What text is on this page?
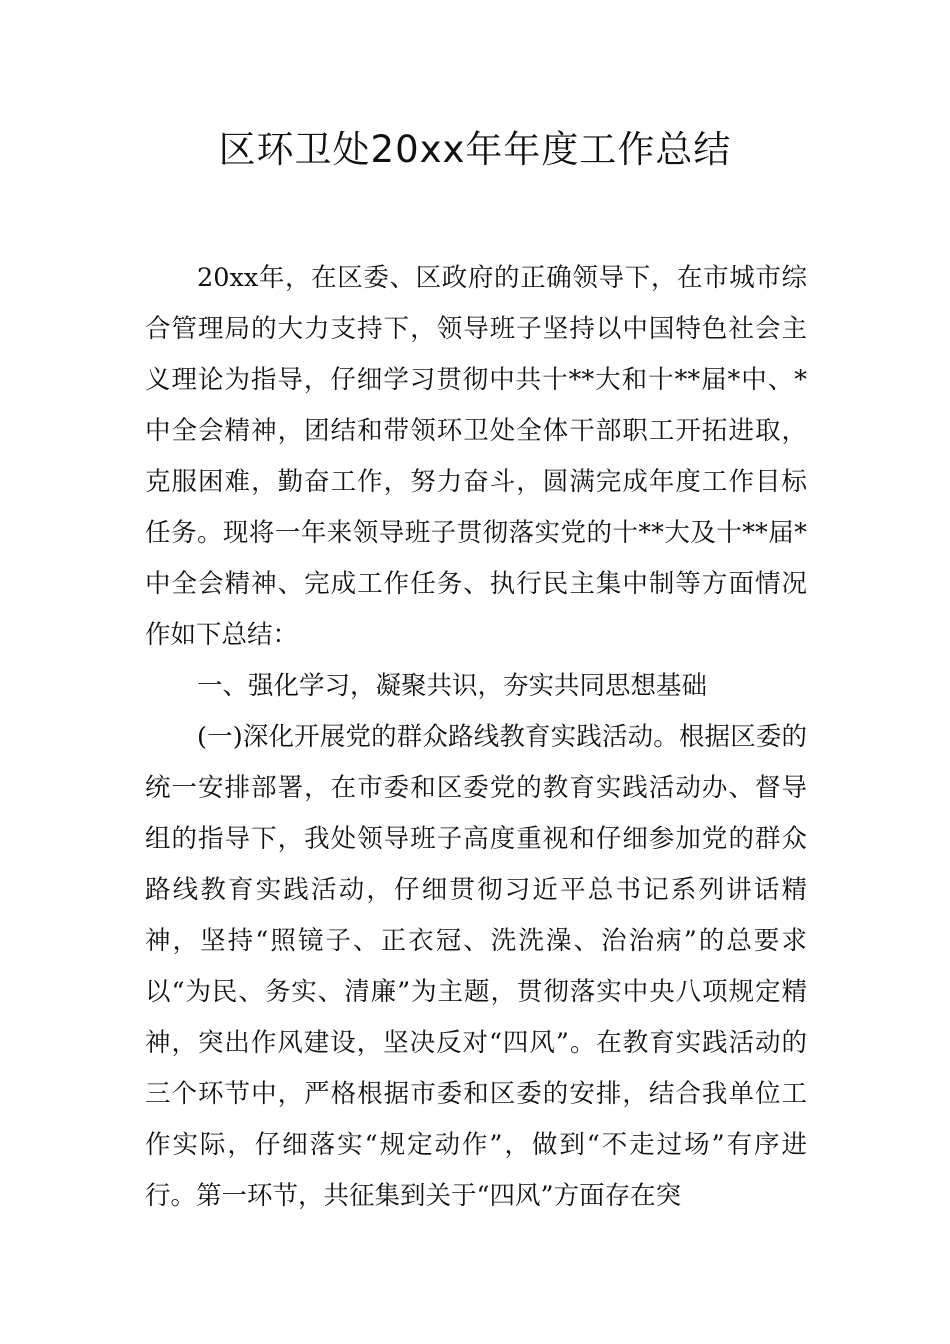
区环卫处20xx年年度工作总结

20xx年，在区委、区政府的正确领导下，在市城市综合管理局的大力支持下，领导班子坚持以中国特色社会主义理论为指导，仔细学习贯彻中共十**大和十**届*中、*中全会精神，团结和带领环卫处全体干部职工开拓进取，克服困难，勤奋工作，努力奋斗，圆满完成年度工作目标任务。现将一年来领导班子贯彻落实党的十**大及十**届*中全会精神、完成工作任务、执行民主集中制等方面情况作如下总结：

一、强化学习，凝聚共识，夯实共同思想基础

(一)深化开展党的群众路线教育实践活动。根据区委的统一安排部署，在市委和区委党的教育实践活动办、督导组的指导下，我处领导班子高度重视和仔细参加党的群众路线教育实践活动，仔细贯彻习近平总书记系列讲话精神，坚持“照镜子、正衣冠、洗洗澡、治治病”的总要求以“为民、务实、清廉”为主题，贯彻落实中央八项规定精神，突出作风建设，坚决反对“四风”。在教育实践活动的三个环节中，严格根据市委和区委的安排，结合我单位工作实际，仔细落实“规定动作”，做到“不走过场”有序进行。第一环节，共征集到关于“四风”方面存在突
